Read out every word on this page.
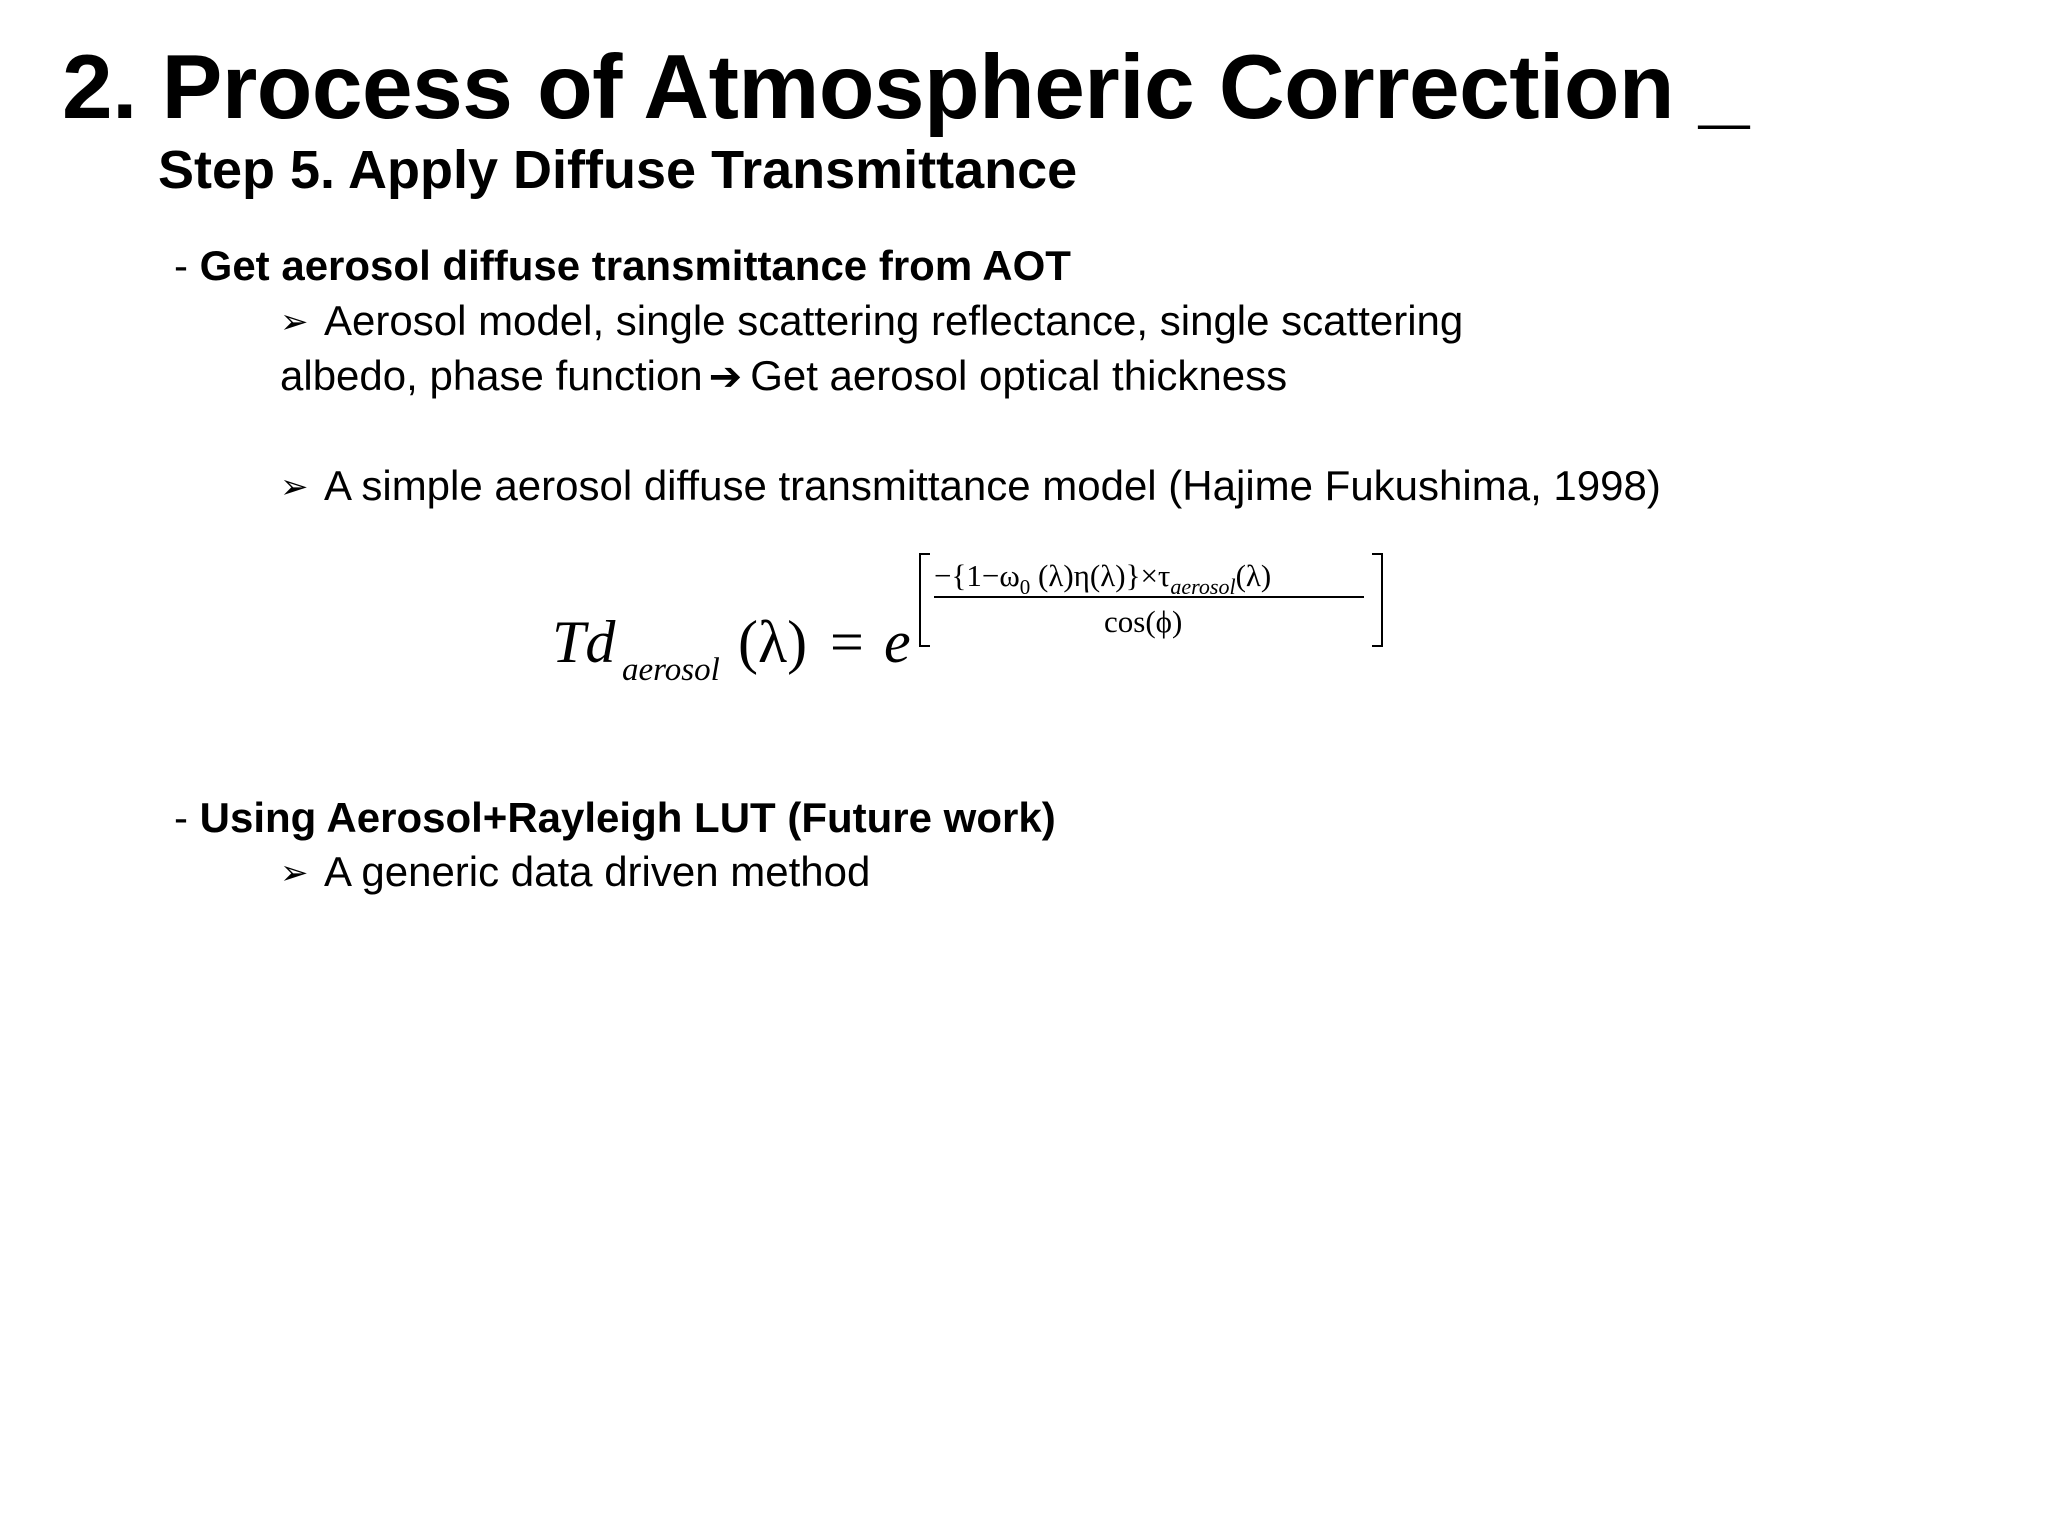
2. Process of Atmospheric Correction _
Step 5. Apply Diffuse Transmittance
- Get aerosol diffuse transmittance from AOT
➢ Aerosol model, single scattering reflectance, single scattering
albedo, phase function ➔ Get aerosol optical thickness
➢ A simple aerosol diffuse transmittance model (Hajime Fukushima, 1998)
Td aerosol (λ) = e
$-\{1-\omega_0$ $(\lambda)\eta(\lambda)\}\times\tau_{aerosol}(\lambda)$
cos(ϕ)
- Using Aerosol+Rayleigh LUT (Future work)
➢ A generic data driven method
